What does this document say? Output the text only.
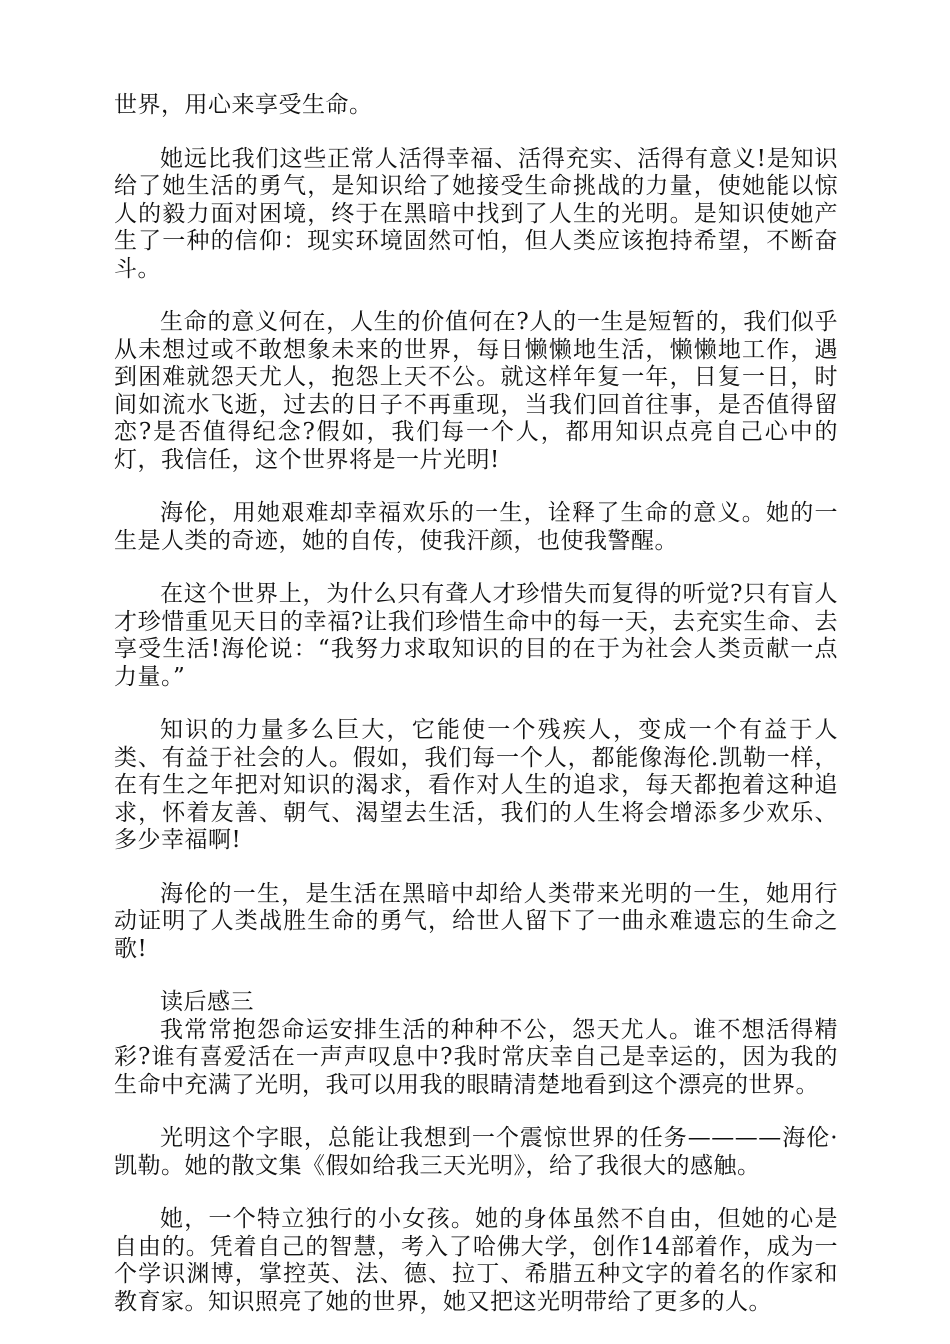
世界，用心来享受生命。

她远比我们这些正常人活得幸福、活得充实、活得有意义!是知识给了她生活的勇气，是知识给了她接受生命挑战的力量，使她能以惊人的毅力面对困境，终于在黑暗中找到了人生的光明。是知识使她产生了一种的信仰：现实环境固然可怕，但人类应该抱持希望，不断奋斗。

生命的意义何在，人生的价值何在?人的一生是短暂的，我们似乎从未想过或不敢想象未来的世界，每日懒懒地生活，懒懒地工作，遇到困难就怨天尤人，抱怨上天不公。就这样年复一年，日复一日，时间如流水飞逝，过去的日子不再重现，当我们回首往事，是否值得留恋?是否值得纪念?假如，我们每一个人，都用知识点亮自己心中的灯，我信任，这个世界将是一片光明!

海伦，用她艰难却幸福欢乐的一生，诠释了生命的意义。她的一生是人类的奇迹，她的自传，使我汗颜，也使我警醒。

在这个世界上，为什么只有聋人才珍惜失而复得的听觉?只有盲人才珍惜重见天日的幸福?让我们珍惜生命中的每一天，去充实生命、去享受生活!海伦说：“我努力求取知识的目的在于为社会人类贡献一点力量。”

知识的力量多么巨大，它能使一个残疾人，变成一个有益于人类、有益于社会的人。假如，我们每一个人，都能像海伦.凯勒一样，在有生之年把对知识的渴求，看作对人生的追求，每天都抱着这种追求，怀着友善、朝气、渴望去生活，我们的人生将会增添多少欢乐、多少幸福啊!

海伦的一生，是生活在黑暗中却给人类带来光明的一生，她用行动证明了人类战胜生命的勇气，给世人留下了一曲永难遗忘的生命之歌!

读后感三

我常常抱怨命运安排生活的种种不公，怨天尤人。谁不想活得精彩?谁有喜爱活在一声声叹息中?我时常庆幸自己是幸运的，因为我的生命中充满了光明，我可以用我的眼睛清楚地看到这个漂亮的世界。

光明这个字眼，总能让我想到一个震惊世界的任务————海伦·凯勒。她的散文集《假如给我三天光明》，给了我很大的感触。

她，一个特立独行的小女孩。她的身体虽然不自由，但她的心是自由的。凭着自己的智慧，考入了哈佛大学，创作14部着作，成为一个学识渊博，掌控英、法、德、拉丁、希腊五种文字的着名的作家和教育家。知识照亮了她的世界，她又把这光明带给了更多的人。
